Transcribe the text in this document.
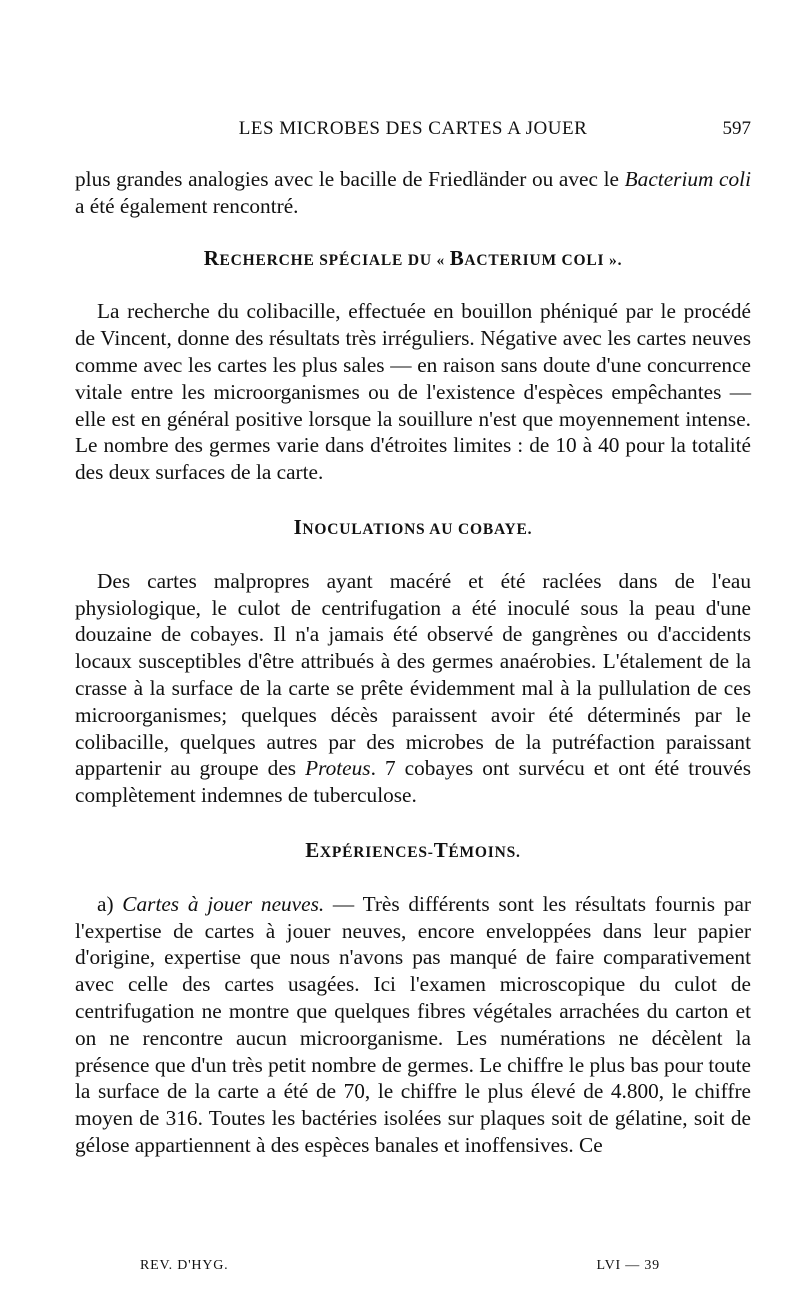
LES MICROBES DES CARTES A JOUER	597

plus grandes analogies avec le bacille de Friedländer ou avec le Bacterium coli a été également rencontré.

RECHERCHE SPÉCIALE DU « BACTERIUM COLI ».

La recherche du colibacille, effectuée en bouillon phéniqué par le procédé de Vincent, donne des résultats très irréguliers. Négative avec les cartes neuves comme avec les cartes les plus sales — en raison sans doute d'une concurrence vitale entre les microorganismes ou de l'existence d'espèces empêchantes — elle est en général positive lorsque la souillure n'est que moyennement intense. Le nombre des germes varie dans d'étroites limites : de 10 à 40 pour la totalité des deux surfaces de la carte.

INOCULATIONS AU COBAYE.

Des cartes malpropres ayant macéré et été raclées dans de l'eau physiologique, le culot de centrifugation a été inoculé sous la peau d'une douzaine de cobayes. Il n'a jamais été observé de gangrènes ou d'accidents locaux susceptibles d'être attribués à des germes anaérobies. L'étalement de la crasse à la surface de la carte se prête évidemment mal à la pullulation de ces microorganismes; quelques décès paraissent avoir été déterminés par le colibacille, quelques autres par des microbes de la putréfaction paraissant appartenir au groupe des Proteus. 7 cobayes ont survécu et ont été trouvés complètement indemnes de tuberculose.

EXPÉRIENCES-TÉMOINS.

a) Cartes à jouer neuves. — Très différents sont les résultats fournis par l'expertise de cartes à jouer neuves, encore enveloppées dans leur papier d'origine, expertise que nous n'avons pas manqué de faire comparativement avec celle des cartes usagées. Ici l'examen microscopique du culot de centrifugation ne montre que quelques fibres végétales arrachées du carton et on ne rencontre aucun microorganisme. Les numérations ne décèlent la présence que d'un très petit nombre de germes. Le chiffre le plus bas pour toute la surface de la carte a été de 70, le chiffre le plus élevé de 4.800, le chiffre moyen de 316. Toutes les bactéries isolées sur plaques soit de gélatine, soit de gélose appartiennent à des espèces banales et inoffensives. Ce

REV. D'HYG.	LVI — 39
